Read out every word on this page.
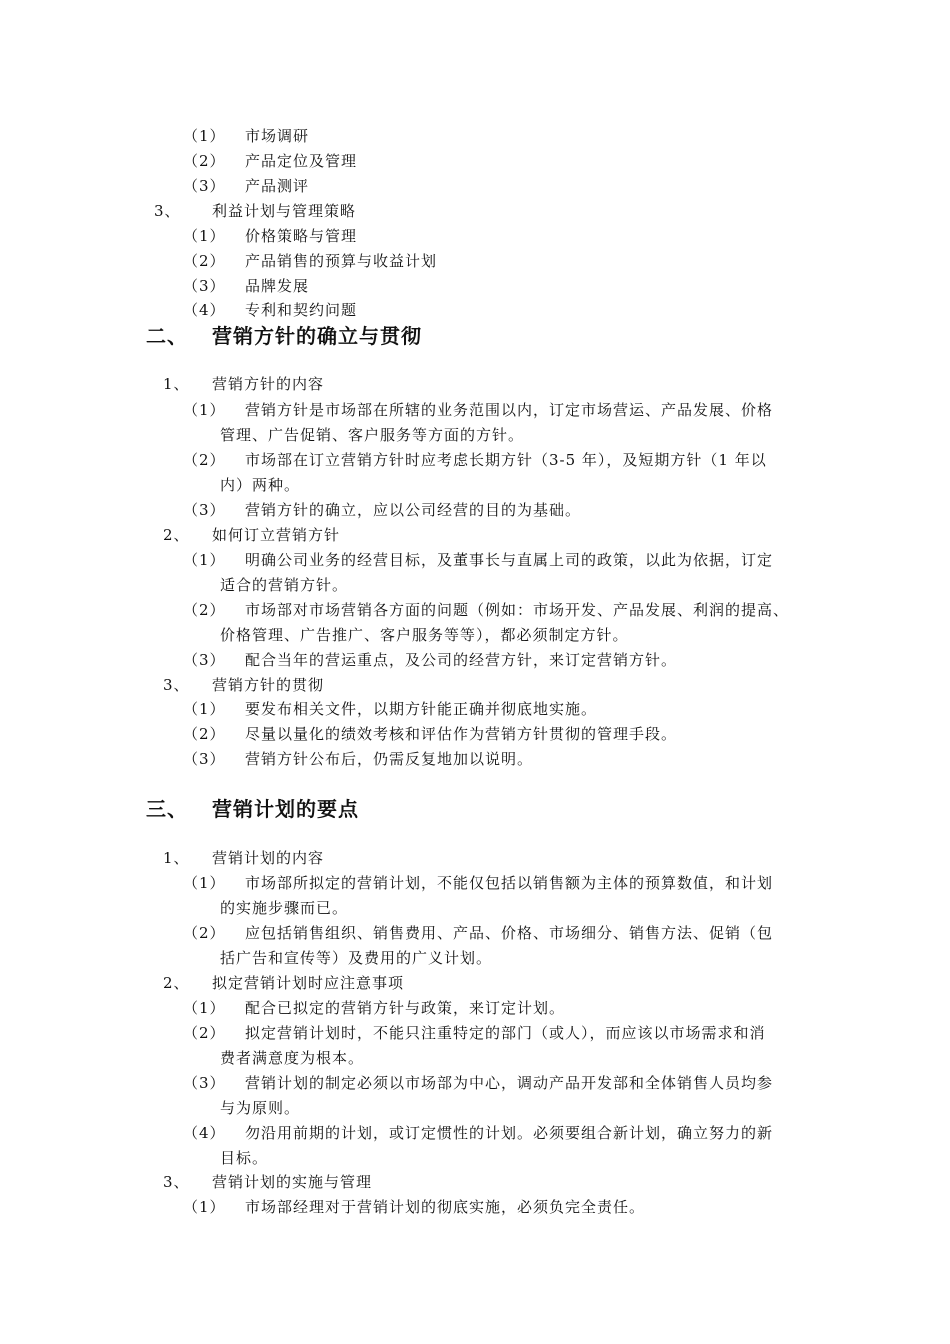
（1） 市场调研
（2） 产品定位及管理
（3） 产品测评
3、 利益计划与管理策略
（1） 价格策略与管理
（2） 产品销售的预算与收益计划
（3） 品牌发展
（4） 专利和契约问题
二、 营销方针的确立与贯彻
1、 营销方针的内容
（1） 营销方针是市场部在所辖的业务范围以内，订定市场营运、产品发展、价格
管理、广告促销、客户服务等方面的方针。
（2） 市场部在订立营销方针时应考虑长期方针（3-5 年），及短期方针（1 年以
内）两种。
（3） 营销方针的确立，应以公司经营的目的为基础。
2、 如何订立营销方针
（1） 明确公司业务的经营目标，及董事长与直属上司的政策，以此为依据，订定
适合的营销方针。
（2） 市场部对市场营销各方面的问题（例如：市场开发、产品发展、利润的提高、
价格管理、广告推广、客户服务等等），都必须制定方针。
（3） 配合当年的营运重点，及公司的经营方针，来订定营销方针。
3、 营销方针的贯彻
（1） 要发布相关文件，以期方针能正确并彻底地实施。
（2） 尽量以量化的绩效考核和评估作为营销方针贯彻的管理手段。
（3） 营销方针公布后，仍需反复地加以说明。
三、 营销计划的要点
1、 营销计划的内容
（1） 市场部所拟定的营销计划，不能仅包括以销售额为主体的预算数值，和计划
的实施步骤而已。
（2） 应包括销售组织、销售费用、产品、价格、市场细分、销售方法、促销（包
括广告和宣传等）及费用的广义计划。
2、 拟定营销计划时应注意事项
（1） 配合已拟定的营销方针与政策，来订定计划。
（2） 拟定营销计划时，不能只注重特定的部门（或人），而应该以市场需求和消
费者满意度为根本。
（3） 营销计划的制定必须以市场部为中心，调动产品开发部和全体销售人员均参
与为原则。
（4） 勿沿用前期的计划，或订定惯性的计划。必须要组合新计划，确立努力的新
目标。
3、 营销计划的实施与管理
（1） 市场部经理对于营销计划的彻底实施，必须负完全责任。
